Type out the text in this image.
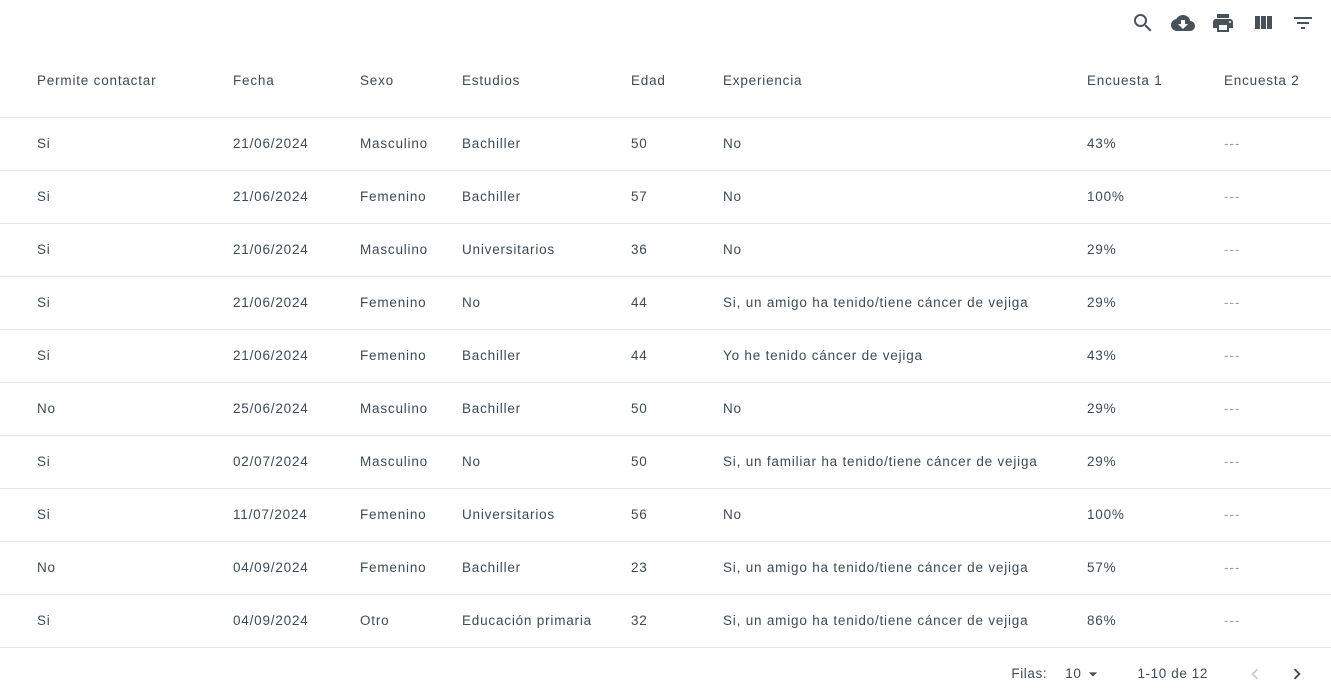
Permite contactar	Fecha	Sexo	Estudios	Edad	Experiencia	Encuesta 1	Encuesta 2
Si	21/06/2024	Masculino	Bachiller	50	No	43%	---
Si	21/06/2024	Femenino	Bachiller	57	No	100%	---
Si	21/06/2024	Masculino	Universitarios	36	No	29%	---
Si	21/06/2024	Femenino	No	44	Si, un amigo ha tenido/tiene cáncer de vejiga	29%	---
Si	21/06/2024	Femenino	Bachiller	44	Yo he tenido cáncer de vejiga	43%	---
No	25/06/2024	Masculino	Bachiller	50	No	29%	---
Si	02/07/2024	Masculino	No	50	Si, un familiar ha tenido/tiene cáncer de vejiga	29%	---
Si	11/07/2024	Femenino	Universitarios	56	No	100%	---
No	04/09/2024	Femenino	Bachiller	23	Si, un amigo ha tenido/tiene cáncer de vejiga	57%	---
Si	04/09/2024	Otro	Educación primaria	32	Si, un amigo ha tenido/tiene cáncer de vejiga	86%	---
Filas: 10	1-10 de 12
